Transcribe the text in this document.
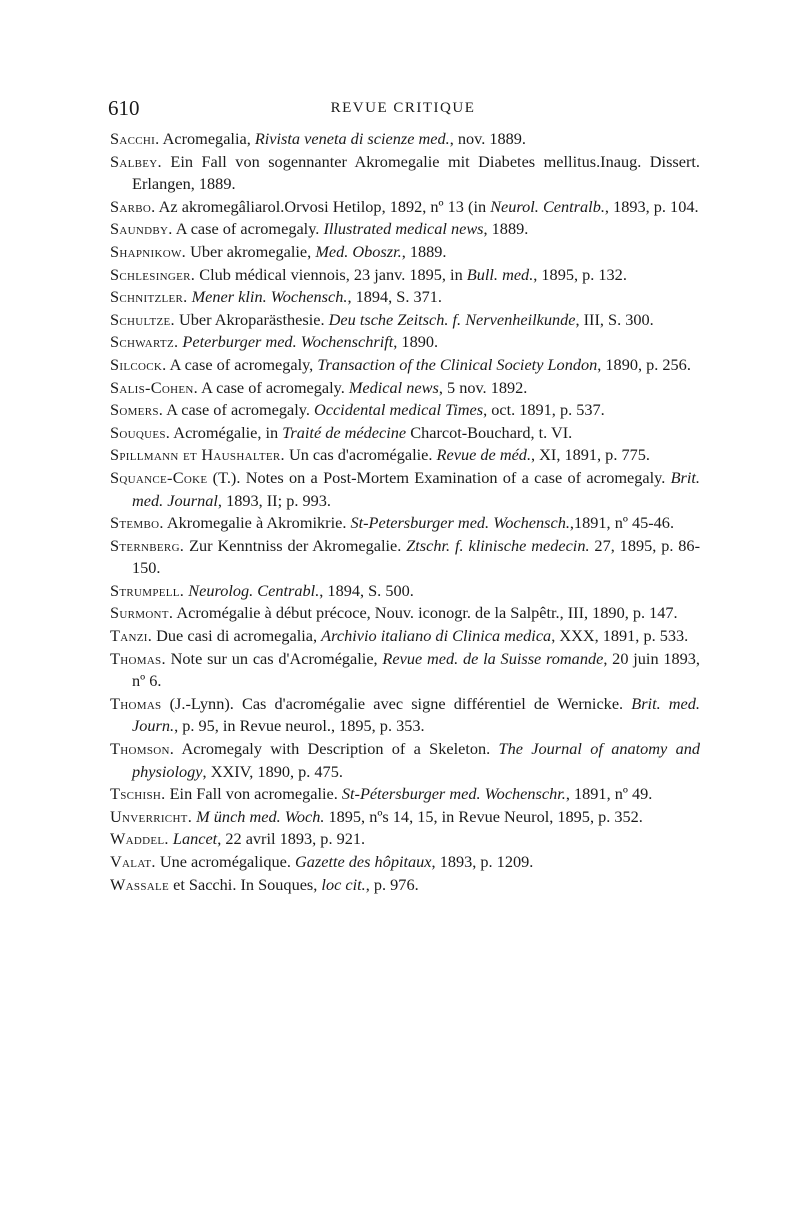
610	REVUE CRITIQUE
Sacchi. Acromegalia, Rivista veneta di scienze med., nov. 1889.
Salbey. Ein Fall von sogennanter Akromegalie mit Diabetes mellitus.Inaug. Dissert. Erlangen, 1889.
Sarbo. Az akromegâliarol.Orvosi Hetilop, 1892, nº 13 (in Neurol. Centralb., 1893, p. 104.
Saundby. A case of acromegaly. Illustrated medical news, 1889.
Shapnikow. Uber akromegalie, Med. Oboszr., 1889.
Schlesinger. Club médical viennois, 23 janv. 1895, in Bull. med., 1895, p. 132.
Schnitzler. Mener klin. Wochensch., 1894, S. 371.
Schultze. Uber Akroparästhesie. Deu tsche Zeitsch. f. Nervenheilkunde, III, S. 300.
Schwartz. Peterburger med. Wochenschrift, 1890.
Silcock. A case of acromegaly, Transaction of the Clinical Society London, 1890, p. 256.
Salis-Cohen. A case of acromegaly. Medical news, 5 nov. 1892.
Somers. A case of acromegaly. Occidental medical Times, oct. 1891, p. 537.
Souques. Acromégalie, in Traité de médecine Charcot-Bouchard, t. VI.
Spillmann et Haushalter. Un cas d'acromégalie. Revue de méd., XI, 1891, p. 775.
Squance-Coke (T.). Notes on a Post-Mortem Examination of a case of acromegaly. Brit. med. Journal, 1893, II; p. 993.
Stembo. Akromegalie à Akromikrie. St-Petersburger med. Wochensch.,1891, nº 45-46.
Sternberg. Zur Kenntniss der Akromegalie. Ztschr. f. klinische medecin. 27, 1895, p. 86-150.
Strumpell. Neurolog. Centrabl., 1894, S. 500.
Surmont. Acromégalie à début précoce, Nouv. iconogr. de la Salpêtr., III, 1890, p. 147.
Tanzi. Due casi di acromegalia, Archivio italiano di Clinica medica, XXX, 1891, p. 533.
Thomas. Note sur un cas d'Acromégalie, Revue med. de la Suisse romande, 20 juin 1893, nº 6.
Thomas (J.-Lynn). Cas d'acromégalie avec signe différentiel de Wernicke. Brit. med. Journ., p. 95, in Revue neurol., 1895, p. 353.
Thomson. Acromegaly with Description of a Skeleton. The Journal of anatomy and physiology, XXIV, 1890, p. 475.
Tschish. Ein Fall von acromegalie. St-Pétersburger med. Wochenschr., 1891, nº 49.
Unverricht. M ünch med. Woch. 1895, nºs 14, 15, in Revue Neurol, 1895, p. 352.
Waddel. Lancet, 22 avril 1893, p. 921.
Valat. Une acromégalique. Gazette des hôpitaux, 1893, p. 1209.
Wassale et Sacchi. In Souques, loc cit., p. 976.
